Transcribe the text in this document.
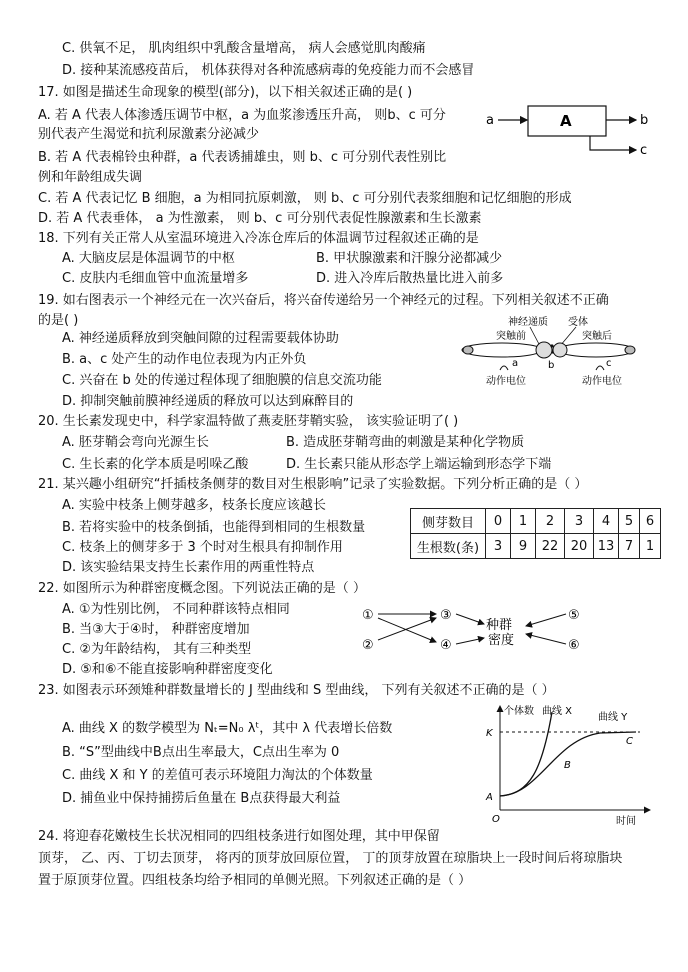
C. 供氧不足， 肌肉组织中乳酸含量增高， 病人会感觉肌肉酸痛
D. 接种某流感疫苗后， 机体获得对各种流感病毒的免疫能力而不会感冒
17. 如图是描述生命现象的模型(部分)，以下相关叙述正确的是( )
A. 若 A 代表人体渗透压调节中枢，a 为血浆渗透压升高， 则b、c 可分
别代表产生渴觉和抗利尿激素分泌减少
B. 若 A 代表棉铃虫种群，a 代表诱捕雄虫，则 b、c 可分别代表性别比
例和年龄组成失调
C. 若 A 代表记忆 B 细胞，a 为相同抗原刺激， 则 b、c 可分别代表浆细胞和记忆细胞的形成
D. 若 A 代表垂体， a 为性激素， 则 b、c 可分别代表促性腺激素和生长激素
18. 下列有关正常人从室温环境进入冷冻仓库后的体温调节过程叙述正确的是
A. 大脑皮层是体温调节的中枢	B. 甲状腺激素和汗腺分泌都减少
C. 皮肤内毛细血管中血流量增多	D. 进入冷库后散热量比进入前多
19. 如右图表示一个神经元在一次兴奋后，将兴奋传递给另一个神经元的过程。下列相关叙述不正确
的是( )
A. 神经递质释放到突触间隙的过程需要载体协助
B. a、c 处产生的动作电位表现为内正外负
C. 兴奋在 b 处的传递过程体现了细胞膜的信息交流功能
D. 抑制突触前膜神经递质的释放可以达到麻醉目的
20. 生长素发现史中，科学家温特做了燕麦胚芽鞘实验， 该实验证明了( )
A. 胚芽鞘会弯向光源生长	B. 造成胚芽鞘弯曲的刺激是某种化学物质
C. 生长素的化学本质是吲哚乙酸	D. 生长素只能从形态学上端运输到形态学下端
21. 某兴趣小组研究“扦插枝条侧芽的数目对生根影响”记录了实验数据。下列分析正确的是（ ）
A. 实验中枝条上侧芽越多，枝条长度应该越长
B. 若将实验中的枝条倒插，也能得到相同的生根数量
C. 枝条上的侧芽多于 3 个时对生根具有抑制作用
D. 该实验结果支持生长素作用的两重性特点
22. 如图所示为种群密度概念图。下列说法正确的是（ ）
A. ①为性别比例， 不同种群该特点相同
B. 当③大于④时， 种群密度增加
C. ②为年龄结构， 其有三种类型
D. ⑤和⑥不能直接影响种群密度变化
23. 如图表示环颈雉种群数量增长的 J 型曲线和 S 型曲线， 下列有关叙述不正确的是（ ）
A. 曲线 X 的数学模型为 Nₜ=N₀ λᵗ，其中 λ 代表增长倍数
B. “S”型曲线中B点出生率最大，C点出生率为 0
C. 曲线 X 和 Y 的差值可表示环境阻力淘汰的个体数量
D. 捕鱼业中保持捕捞后鱼量在 B点获得最大利益
24. 将迎春花嫩枝生长状况相同的四组枝条进行如图处理，其中甲保留
顶芽， 乙、丙、丁切去顶芽， 将丙的顶芽放回原位置， 丁的顶芽放置在琼脂块上一段时间后将琼脂块
置于原顶芽位置。四组枝条均给予相同的单侧光照。下列叙述正确的是（ ）
a	A	b
c
神经递质 受体
突触前	突触后
a	b	c
动作电位	动作电位
侧芽数目	0	1	2	3	4	5	6
生根数(条)	3	9	22	20	13	7	1
①
②
③
④
⑤
⑥
种群
密度
个体数 曲线 X
曲线 Y
K
A
B
C
O	时间
